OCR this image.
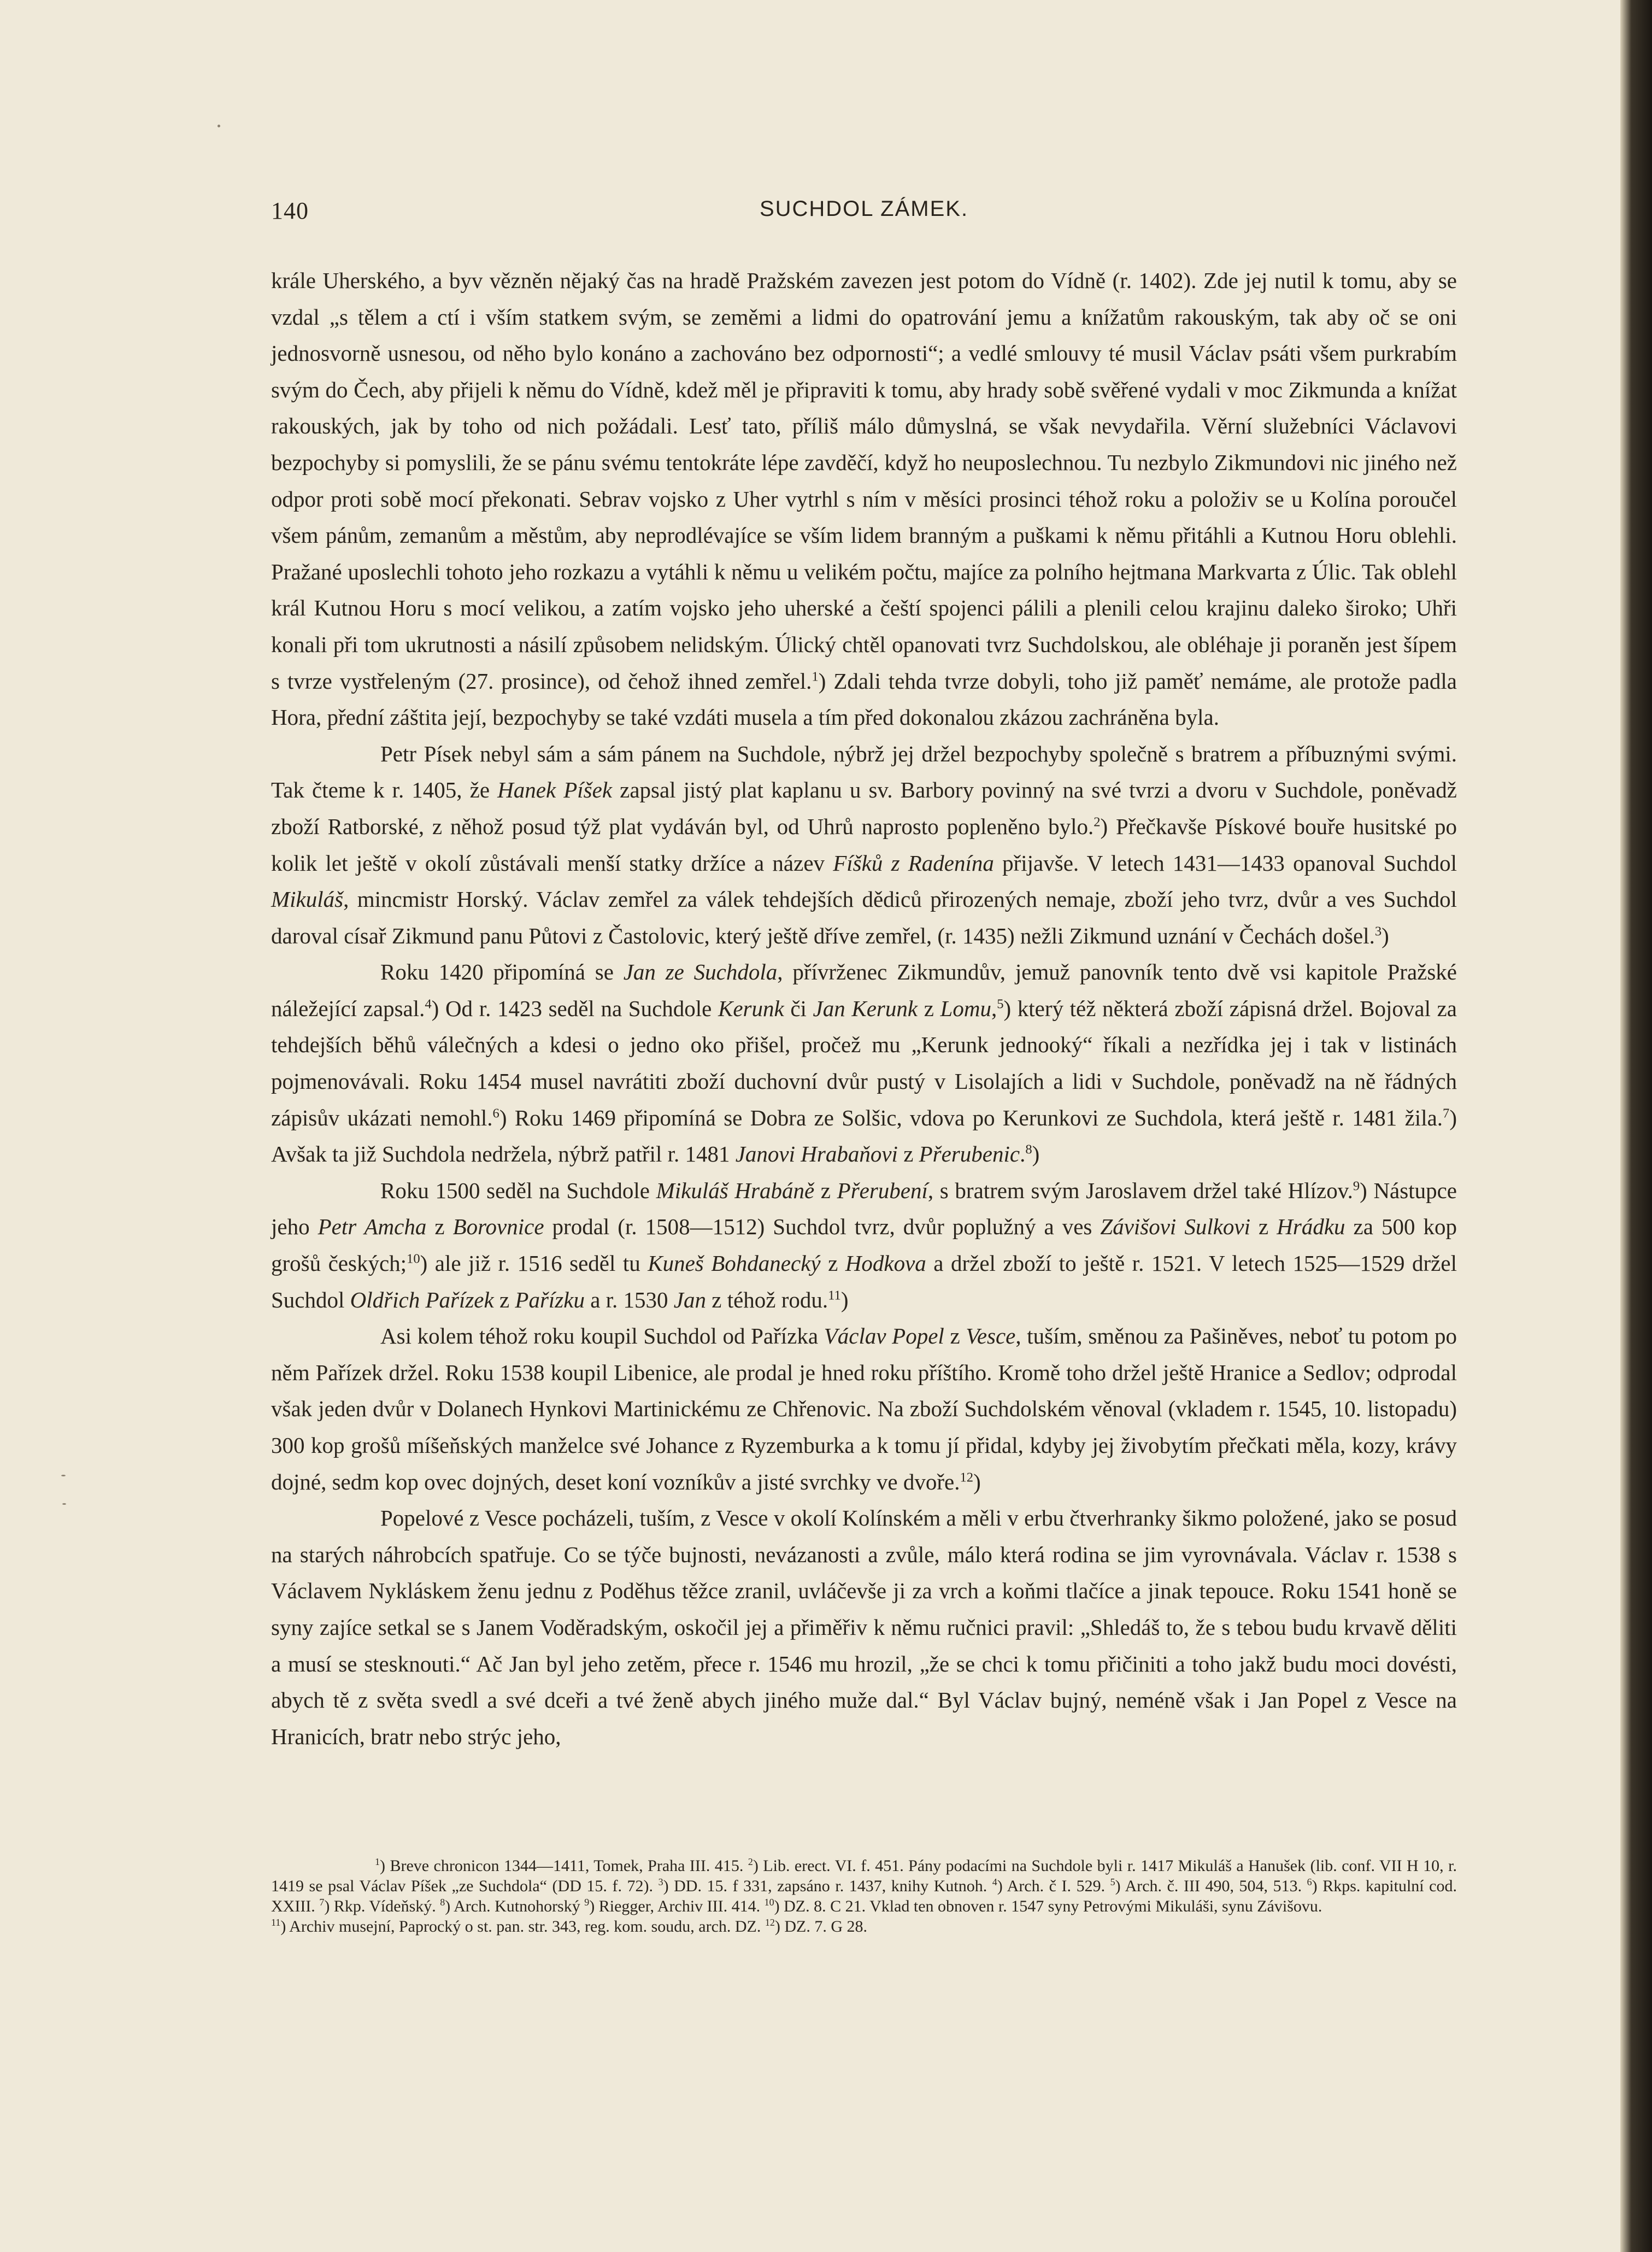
140	SUCHDOL ZÁMEK.

krále Uherského, a byv vězněn nějaký čas na hradě Pražském zavezen jest potom do Vídně (r. 1402). Zde jej nutil k tomu, aby se vzdal „s tělem a ctí i vším statkem svým, se zeměmi a lidmi do opatrování jemu a knížatům rakouským, tak aby oč se oni jednosvorně usnesou, od něho bylo konáno a zachováno bez odpornosti“; a vedlé smlouvy té musil Václav psáti všem purkrabím svým do Čech, aby přijeli k němu do Vídně, kdež měl je připraviti k tomu, aby hrady sobě svěřené vydali v moc Zikmunda a knížat rakouských, jak by toho od nich požádali. Lesť tato, příliš málo důmyslná, se však nevydařila. Věrní služebníci Václavovi bezpochyby si pomyslili, že se pánu svému tentokráte lépe zavděčí, když ho neuposlechnou. Tu nezbylo Zikmundovi nic jiného než odpor proti sobě mocí překonati. Sebrav vojsko z Uher vytrhl s ním v měsíci prosinci téhož roku a položiv se u Kolína poroučel všem pánům, zemanům a městům, aby neprodlévajíce se vším lidem branným a puškami k němu přitáhli a Kutnou Horu oblehli. Pražané uposlechli tohoto jeho rozkazu a vytáhli k němu u velikém počtu, majíce za polního hejtmana Markvarta z Úlic. Tak oblehl král Kutnou Horu s mocí velikou, a zatím vojsko jeho uherské a čeští spojenci pálili a plenili celou krajinu daleko široko; Uhři konali při tom ukrutnosti a násilí způsobem nelidským. Úlický chtěl opanovati tvrz Suchdolskou, ale obléhaje ji poraněn jest šípem s tvrze vystřeleným (27. prosince), od čehož ihned zemřel.$^1$) Zdali tehda tvrze dobyli, toho již paměť nemáme, ale protože padla Hora, přední záštita její, bezpochyby se také vzdáti musela a tím před dokonalou zkázou zachráněna byla.

Petr Písek nebyl sám a sám pánem na Suchdole, nýbrž jej držel bezpochyby společně s bratrem a příbuznými svými. Tak čteme k r. 1405, že Hanek Píšek zapsal jistý plat kaplanu u sv. Barbory povinný na své tvrzi a dvoru v Suchdole, poněvadž zboží Ratborské, z něhož posud týž plat vydáván byl, od Uhrů naprosto popleněno bylo.$^2$) Přečkavše Pískové bouře husitské po kolik let ještě v okolí zůstávali menší statky držíce a název Fíšků z Radenína přijavše. V letech 1431—1433 opanoval Suchdol Mikuláš, mincmistr Horský. Václav zemřel za válek tehdejších dědiců přirozených nemaje, zboží jeho tvrz, dvůr a ves Suchdol daroval císař Zikmund panu Půtovi z Častolovic, který ještě dříve zemřel, (r. 1435) nežli Zikmund uznání v Čechách došel.$^3$)

Roku 1420 připomíná se Jan ze Suchdola, přívrženec Zikmundův, jemuž panovník tento dvě vsi kapitole Pražské náležející zapsal.$^4$) Od r. 1423 seděl na Suchdole Kerunk či Jan Kerunk z Lomu,$^5$) který též některá zboží zápisná držel. Bojoval za tehdejších běhů válečných a kdesi o jedno oko přišel, pročež mu „Kerunk jednooký“ říkali a nezřídka jej i tak v listinách pojmenovávali. Roku 1454 musel navrátiti zboží duchovní dvůr pustý v Lisolajích a lidi v Suchdole, poněvadž na ně řádných zápisův ukázati nemohl.$^6$) Roku 1469 připomíná se Dobra ze Solšic, vdova po Kerunkovi ze Suchdola, která ještě r. 1481 žila.$^7$) Avšak ta již Suchdola nedržela, nýbrž patřil r. 1481 Janovi Hrabaňovi z Přerubenic.$^8$)

Roku 1500 seděl na Suchdole Mikuláš Hrabáně z Přerubení, s bratrem svým Jaroslavem držel také Hlízov.$^9$) Nástupce jeho Petr Amcha z Borovnice prodal (r. 1508—1512) Suchdol tvrz, dvůr poplužný a ves Závišovi Sulkovi z Hrádku za 500 kop grošů českých;$^{10}$) ale již r. 1516 seděl tu Kuneš Bohdanecký z Hodkova a držel zboží to ještě r. 1521. V letech 1525—1529 držel Suchdol Oldřich Pařízek z Pařízku a r. 1530 Jan z téhož rodu.$^{11}$)

Asi kolem téhož roku koupil Suchdol od Pařízka Václav Popel z Vesce, tuším, směnou za Pašiněves, neboť tu potom po něm Pařízek držel. Roku 1538 koupil Libenice, ale prodal je hned roku příštího. Kromě toho držel ještě Hranice a Sedlov; odprodal však jeden dvůr v Dolanech Hynkovi Martinickému ze Chřenovic. Na zboží Suchdolském věnoval (vkladem r. 1545, 10. listopadu) 300 kop grošů míšeňských manželce své Johance z Ryzemburka a k tomu jí přidal, kdyby jej živobytím přečkati měla, kozy, krávy dojné, sedm kop ovec dojných, deset koní vozníkův a jisté svrchky ve dvoře.$^{12}$)

Popelové z Vesce pocházeli, tuším, z Vesce v okolí Kolínském a měli v erbu čtverhranky šikmo položené, jako se posud na starých náhrobcích spatřuje. Co se týče bujnosti, nevázanosti a zvůle, málo která rodina se jim vyrovnávala. Václav r. 1538 s Václavem Nykláskem ženu jednu z Poděhus těžce zranil, uvláčevše ji za vrch a koňmi tlačíce a jinak tepouce. Roku 1541 honě se syny zajíce setkal se s Janem Voděradským, oskočil jej a přiměřiv k němu ručnici pravil: „Shledáš to, že s tebou budu krvavě děliti a musí se stesknouti.“ Ač Jan byl jeho zetěm, přece r. 1546 mu hrozil, „že se chci k tomu přičiniti a toho jakž budu moci dovésti, abych tě z světa svedl a své dceři a tvé ženě abych jiného muže dal.“ Byl Václav bujný, neméně však i Jan Popel z Vesce na Hranicích, bratr nebo strýc jeho,

$^1$) Breve chronicon 1344—1411, Tomek, Praha III. 415. $^2$) Lib. erect. VI. f. 451. Pány podacími na Suchdole byli r. 1417 Mikuláš a Hanušek (lib. conf. VII H 10, r. 1419 se psal Václav Píšek „ze Suchdola“ (DD 15. f. 72). $^3$) DD. 15. f 331, zapsáno r. 1437, knihy Kutnoh. $^4$) Arch. č I. 529. $^5$) Arch. č. III 490, 504, 513. $^6$) Rkps. kapitulní cod. XXIII. $^7$) Rkp. Vídeňský. $^8$) Arch. Kutnohorský $^9$) Riegger, Archiv III. 414. $^{10}$) DZ. 8. C 21. Vklad ten obnoven r. 1547 syny Petrovými Mikuláši, synu Závišovu.

$^{11}$) Archiv musejní, Paprocký o st. pan. str. 343, reg. kom. soudu, arch. DZ. $^{12}$) DZ. 7. G 28.
